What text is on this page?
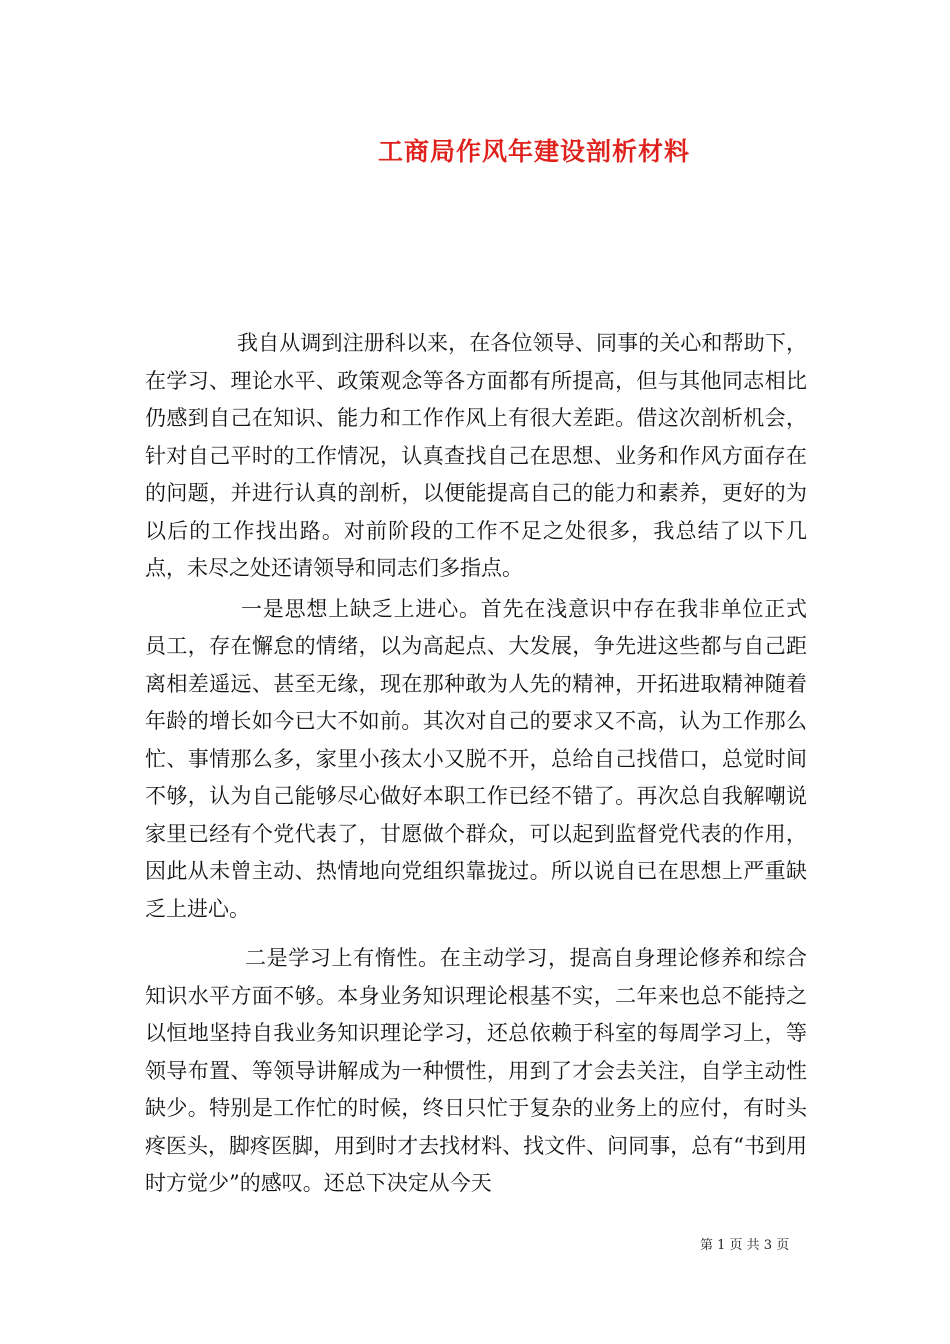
工商局作风年建设剖析材料

我自从调到注册科以来，在各位领导、同事的关心和帮助下，在学习、理论水平、政策观念等各方面都有所提高，但与其他同志相比仍感到自己在知识、能力和工作作风上有很大差距。借这次剖析机会，针对自己平时的工作情况，认真查找自己在思想、业务和作风方面存在的问题，并进行认真的剖析，以便能提高自己的能力和素养，更好的为以后的工作找出路。对前阶段的工作不足之处很多，我总结了以下几点，未尽之处还请领导和同志们多指点。

一是思想上缺乏上进心。首先在浅意识中存在我非单位正式员工，存在懈怠的情绪，以为高起点、大发展，争先进这些都与自己距离相差遥远、甚至无缘，现在那种敢为人先的精神，开拓进取精神随着年龄的增长如今已大不如前。其次对自己的要求又不高，认为工作那么忙、事情那么多，家里小孩太小又脱不开，总给自己找借口，总觉时间不够，认为自己能够尽心做好本职工作已经不错了。再次总自我解嘲说家里已经有个党代表了，甘愿做个群众，可以起到监督党代表的作用，因此从未曾主动、热情地向党组织靠拢过。所以说自已在思想上严重缺乏上进心。

二是学习上有惰性。在主动学习，提高自身理论修养和综合知识水平方面不够。本身业务知识理论根基不实，二年来也总不能持之以恒地坚持自我业务知识理论学习，还总依赖于科室的每周学习上，等领导布置、等领导讲解成为一种惯性，用到了才会去关注，自学主动性缺少。特别是工作忙的时候，终日只忙于复杂的业务上的应付，有时头疼医头，脚疼医脚，用到时才去找材料、找文件、问同事，总有“书到用时方觉少”的感叹。还总下决定从今天

第 1 页 共 3 页
